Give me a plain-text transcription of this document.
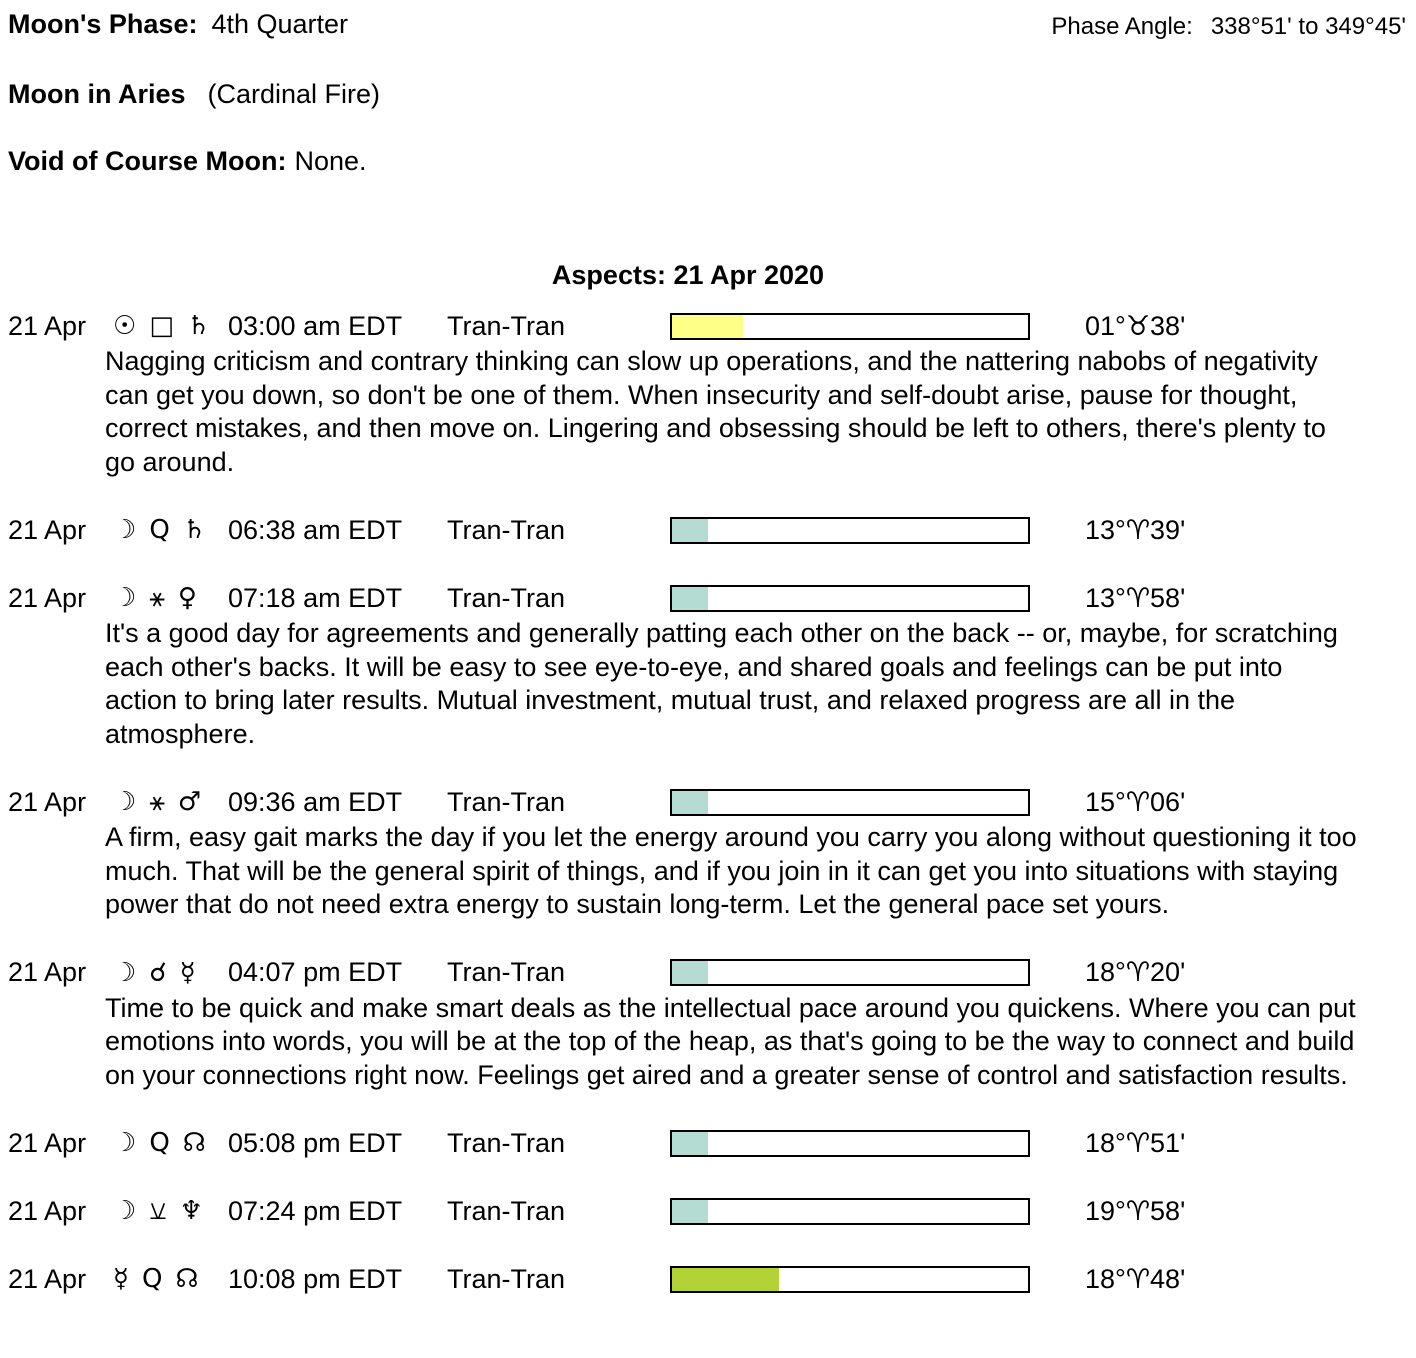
Moon's Phase: 4th Quarter	Phase Angle: 338°51' to 349°45'
Moon in Aries (Cardinal Fire)
Void of Course Moon: None.
Aspects: 21 Apr 2020
21 Apr	☉ □ ♄ 03:00 am EDT	Tran-Tran	01°♉38'
Nagging criticism and contrary thinking can slow up operations, and the nattering nabobs of negativity can get you down, so don't be one of them. When insecurity and self-doubt arise, pause for thought, correct mistakes, and then move on. Lingering and obsessing should be left to others, there's plenty to go around.
21 Apr	☽ Q ♄ 06:38 am EDT	Tran-Tran	13°♈39'
21 Apr	☽ ⚹ ♀ 07:18 am EDT	Tran-Tran	13°♈58'
It's a good day for agreements and generally patting each other on the back -- or, maybe, for scratching each other's backs. It will be easy to see eye-to-eye, and shared goals and feelings can be put into action to bring later results. Mutual investment, mutual trust, and relaxed progress are all in the atmosphere.
21 Apr	☽ ⚹ ♂ 09:36 am EDT	Tran-Tran	15°♈06'
A firm, easy gait marks the day if you let the energy around you carry you along without questioning it too much. That will be the general spirit of things, and if you join in it can get you into situations with staying power that do not need extra energy to sustain long-term. Let the general pace set yours.
21 Apr	☽ ☌ ☿ 04:07 pm EDT	Tran-Tran	18°♈20'
Time to be quick and make smart deals as the intellectual pace around you quickens. Where you can put emotions into words, you will be at the top of the heap, as that's going to be the way to connect and build on your connections right now. Feelings get aired and a greater sense of control and satisfaction results.
21 Apr	☽ Q ☊ 05:08 pm EDT	Tran-Tran	18°♈51'
21 Apr	☽ ⚺ ♆ 07:24 pm EDT	Tran-Tran	19°♈58'
21 Apr	☿ Q ☊ 10:08 pm EDT	Tran-Tran	18°♈48'
